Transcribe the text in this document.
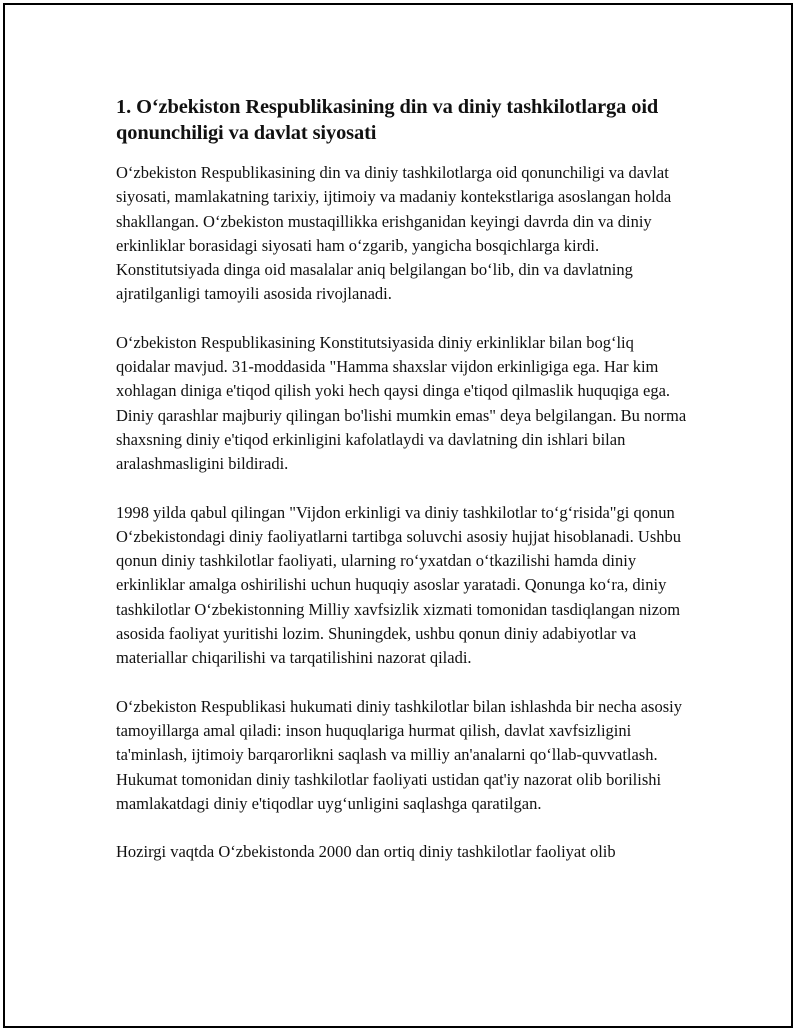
1. O‘zbekiston Respublikasining din va diniy tashkilotlarga oid qonunchiligi va davlat siyosati

O‘zbekiston Respublikasining din va diniy tashkilotlarga oid qonunchiligi va davlat siyosati, mamlakatning tarixiy, ijtimoiy va madaniy kontekstlariga asoslangan holda shakllangan. O‘zbekiston mustaqillikka erishganidan keyingi davrda din va diniy erkinliklar borasidagi siyosati ham o‘zgarib, yangicha bosqichlarga kirdi. Konstitutsiyada dinga oid masalalar aniq belgilangan bo‘lib, din va davlatning ajratilganligi tamoyili asosida rivojlanadi.

O‘zbekiston Respublikasining Konstitutsiyasida diniy erkinliklar bilan bog‘liq qoidalar mavjud. 31-moddasida "Hamma shaxslar vijdon erkinligiga ega. Har kim xohlagan diniga e'tiqod qilish yoki hech qaysi dinga e'tiqod qilmaslik huquqiga ega. Diniy qarashlar majburiy qilingan bo'lishi mumkin emas" deya belgilangan. Bu norma shaxsning diniy e'tiqod erkinligini kafolatlaydi va davlatning din ishlari bilan aralashmasligini bildiradi.

1998 yilda qabul qilingan "Vijdon erkinligi va diniy tashkilotlar to‘g‘risida"gi qonun O‘zbekistondagi diniy faoliyatlarni tartibga soluvchi asosiy hujjat hisoblanadi. Ushbu qonun diniy tashkilotlar faoliyati, ularning ro‘yxatdan o‘tkazilishi hamda diniy erkinliklar amalga oshirilishi uchun huquqiy asoslar yaratadi. Qonunga ko‘ra, diniy tashkilotlar O‘zbekistonning Milliy xavfsizlik xizmati tomonidan tasdiqlangan nizom asosida faoliyat yuritishi lozim. Shuningdek, ushbu qonun diniy adabiyotlar va materiallar chiqarilishi va tarqatilishini nazorat qiladi.

O‘zbekiston Respublikasi hukumati diniy tashkilotlar bilan ishlashda bir necha asosiy tamoyillarga amal qiladi: inson huquqlariga hurmat qilish, davlat xavfsizligini ta'minlash, ijtimoiy barqarorlikni saqlash va milliy an'analarni qo‘llab-quvvatlash. Hukumat tomonidan diniy tashkilotlar faoliyati ustidan qat'iy nazorat olib borilishi mamlakatdagi diniy e'tiqodlar uyg‘unligini saqlashga qaratilgan.

Hozirgi vaqtda O‘zbekistonda 2000 dan ortiq diniy tashkilotlar faoliyat olib
